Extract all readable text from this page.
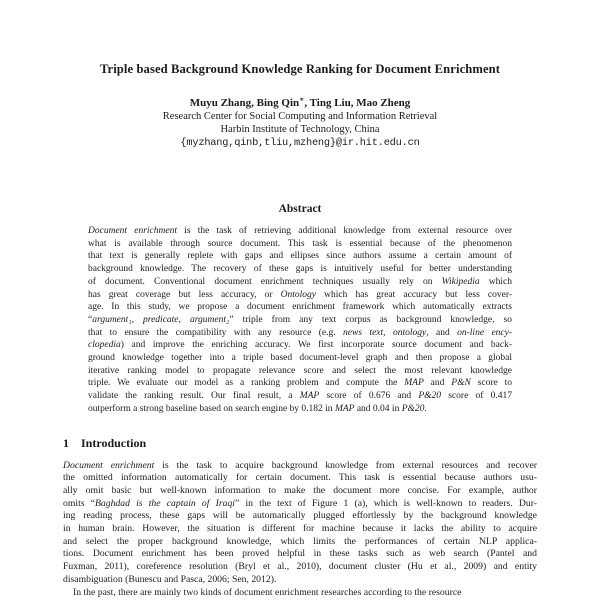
Triple based Background Knowledge Ranking for Document Enrichment
Muyu Zhang, Bing Qin∗, Ting Liu, Mao Zheng
Research Center for Social Computing and Information Retrieval
Harbin Institute of Technology, China
{myzhang,qinb,tliu,mzheng}@ir.hit.edu.cn
Abstract
Document enrichment is the task of retrieving additional knowledge from external resource over
what is available through source document. This task is essential because of the phenomenon
that text is generally replete with gaps and ellipses since authors assume a certain amount of
background knowledge. The recovery of these gaps is intuitively useful for better understanding
of document. Conventional document enrichment techniques usually rely on Wikipedia which
has great coverage but less accuracy, or Ontology which has great accuracy but less cover-
age. In this study, we propose a document enrichment framework which automatically extracts
“argument₁, predicate, argument₂” triple from any text corpus as background knowledge, so
that to ensure the compatibility with any resource (e.g. news text, ontology, and on-line ency-
clopedia) and improve the enriching accuracy. We first incorporate source document and back-
ground knowledge together into a triple based document-level graph and then propose a global
iterative ranking model to propagate relevance score and select the most relevant knowledge
triple. We evaluate our model as a ranking problem and compute the MAP and P&N score to
validate the ranking result. Our final result, a MAP score of 0.676 and P&20 score of 0.417
outperform a strong baseline based on search engine by 0.182 in MAP and 0.04 in P&20.
1 Introduction
Document enrichment is the task to acquire background knowledge from external resources and recover
the omitted information automatically for certain document. This task is essential because authors usu-
ally omit basic but well-known information to make the document more concise. For example, author
omits “Baghdad is the captain of Iraqi” in the text of Figure 1 (a), which is well-known to readers. Dur-
ing reading process, these gaps will be automatically plugged effortlessly by the background knowledge
in human brain. However, the situation is different for machine because it lacks the ability to acquire
and select the proper background knowledge, which limits the performances of certain NLP applica-
tions. Document enrichment has been proved helpful in these tasks such as web search (Pantel and
Fuxman, 2011), coreference resolution (Bryl et al., 2010), document cluster (Hu et al., 2009) and entity
disambiguation (Bunescu and Pasca, 2006; Sen, 2012).
In the past, there are mainly two kinds of document enrichment researches according to the resource
